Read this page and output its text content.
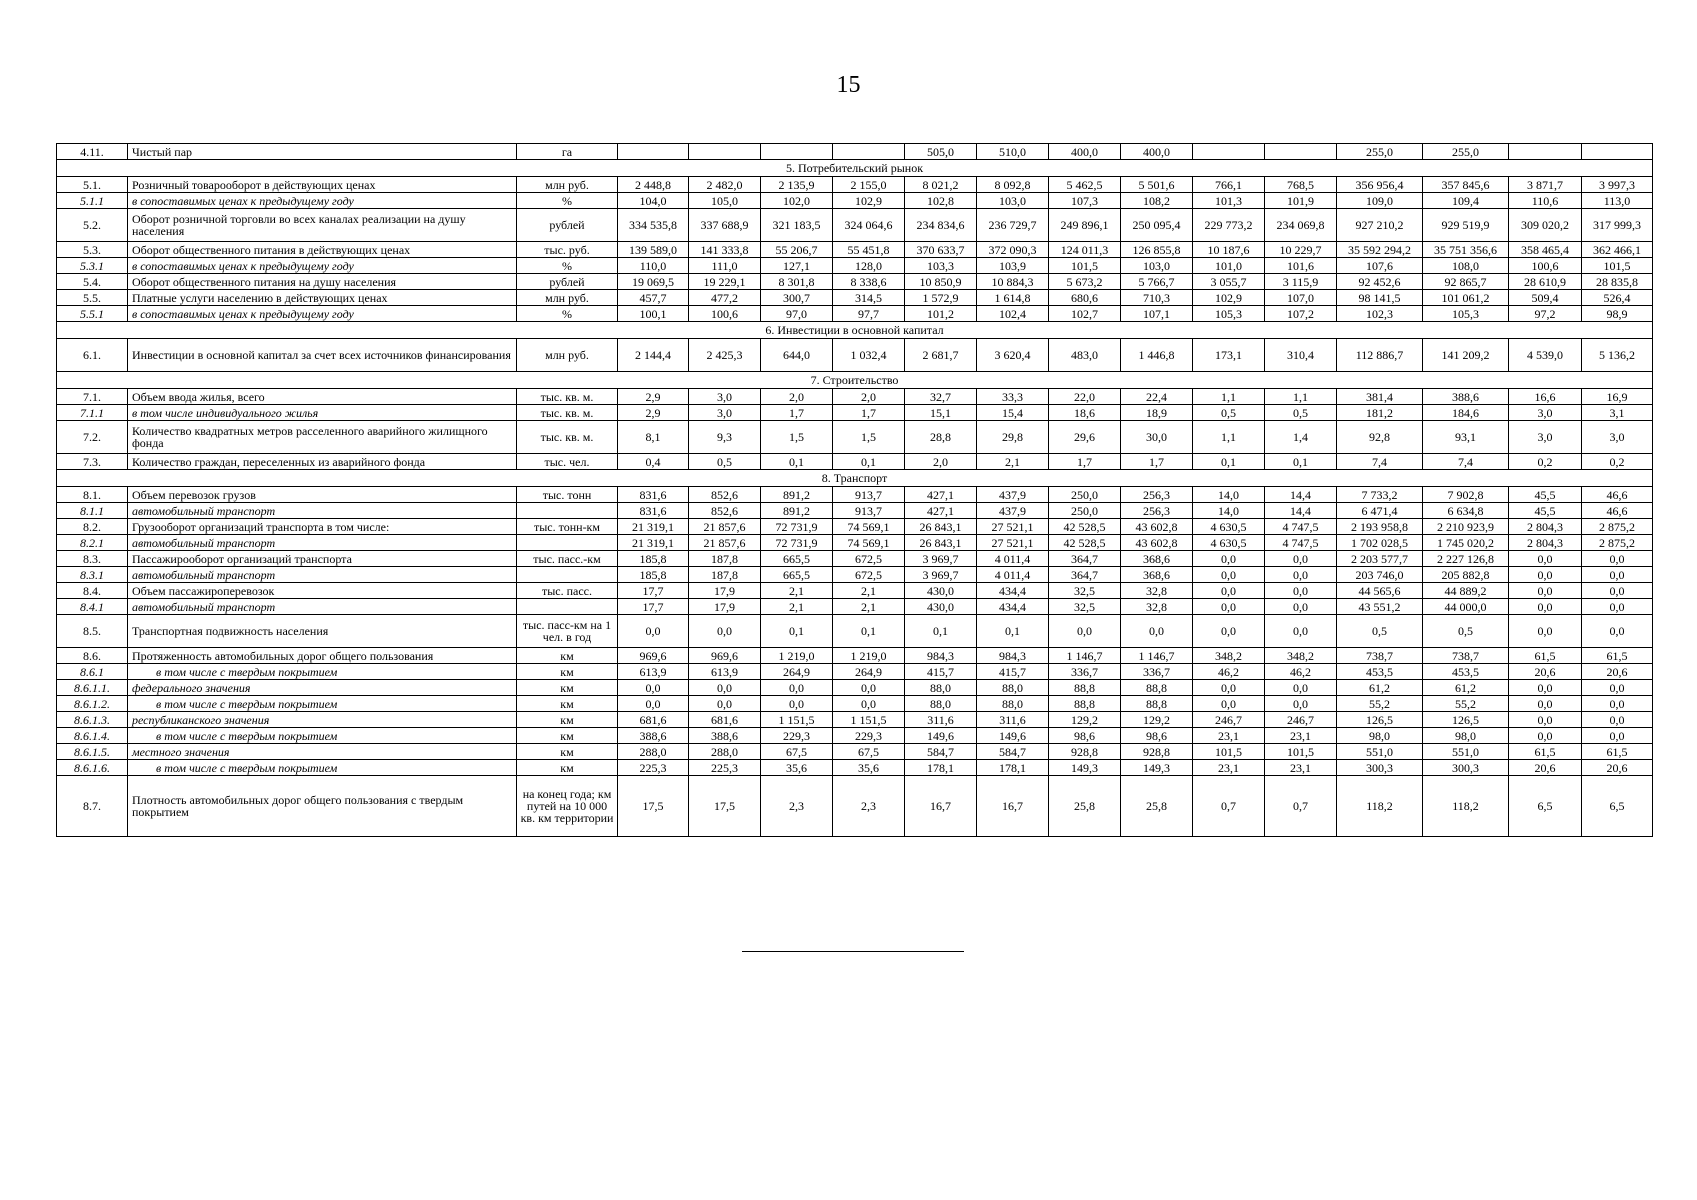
15
4.11.	Чистый пар	га					505,0	510,0	400,0	400,0			255,0	255,0		
5. Потребительский рынок																
5.1.	Розничный товарооборот в действующих ценах	млн руб.	2 448,8	2 482,0	2 135,9	2 155,0	8 021,2	8 092,8	5 462,5	5 501,6	766,1	768,5	356 956,4	357 845,6	3 871,7	3 997,3
5.1.1	в сопоставимых ценах к предыдущему году	%	104,0	105,0	102,0	102,9	102,8	103,0	107,3	108,2	101,3	101,9	109,0	109,4	110,6	113,0
5.2.	Оборот розничной торговли во всех каналах реализации на душу населения	рублей	334 535,8	337 688,9	321 183,5	324 064,6	234 834,6	236 729,7	249 896,1	250 095,4	229 773,2	234 069,8	927 210,2	929 519,9	309 020,2	317 999,3
5.3.	Оборот общественного питания в действующих ценах	тыс. руб.	139 589,0	141 333,8	55 206,7	55 451,8	370 633,7	372 090,3	124 011,3	126 855,8	10 187,6	10 229,7	35 592 294,2	35 751 356,6	358 465,4	362 466,1
5.3.1	в сопоставимых ценах к предыдущему году	%	110,0	111,0	127,1	128,0	103,3	103,9	101,5	103,0	101,0	101,6	107,6	108,0	100,6	101,5
5.4.	Оборот общественного питания на душу населения	рублей	19 069,5	19 229,1	8 301,8	8 338,6	10 850,9	10 884,3	5 673,2	5 766,7	3 055,7	3 115,9	92 452,6	92 865,7	28 610,9	28 835,8
5.5.	Платные услуги населению в действующих ценах	млн руб.	457,7	477,2	300,7	314,5	1 572,9	1 614,8	680,6	710,3	102,9	107,0	98 141,5	101 061,2	509,4	526,4
5.5.1	в сопоставимых ценах к предыдущему году	%	100,1	100,6	97,0	97,7	101,2	102,4	102,7	107,1	105,3	107,2	102,3	105,3	97,2	98,9
6. Инвестиции в основной капитал																
6.1.	Инвестиции в основной капитал за счет всех источников финансирования	млн руб.	2 144,4	2 425,3	644,0	1 032,4	2 681,7	3 620,4	483,0	1 446,8	173,1	310,4	112 886,7	141 209,2	4 539,0	5 136,2
7. Строительство																
7.1.	Объем ввода жилья, всего	тыс. кв. м.	2,9	3,0	2,0	2,0	32,7	33,3	22,0	22,4	1,1	1,1	381,4	388,6	16,6	16,9
7.1.1	в том числе индивидуального жилья	тыс. кв. м.	2,9	3,0	1,7	1,7	15,1	15,4	18,6	18,9	0,5	0,5	181,2	184,6	3,0	3,1
7.2.	Количество квадратных метров расселенного аварийного жилищного фонда	тыс. кв. м.	8,1	9,3	1,5	1,5	28,8	29,8	29,6	30,0	1,1	1,4	92,8	93,1	3,0	3,0
7.3.	Количество граждан, переселенных из аварийного фонда	тыс. чел.	0,4	0,5	0,1	0,1	2,0	2,1	1,7	1,7	0,1	0,1	7,4	7,4	0,2	0,2
8. Транспорт																
8.1.	Объем перевозок грузов	тыс. тонн	831,6	852,6	891,2	913,7	427,1	437,9	250,0	256,3	14,0	14,4	7 733,2	7 902,8	45,5	46,6
8.1.1	автомобильный транспорт		831,6	852,6	891,2	913,7	427,1	437,9	250,0	256,3	14,0	14,4	6 471,4	6 634,8	45,5	46,6
8.2.	Грузооборот организаций транспорта в том числе:	тыс. тонн-км	21 319,1	21 857,6	72 731,9	74 569,1	26 843,1	27 521,1	42 528,5	43 602,8	4 630,5	4 747,5	2 193 958,8	2 210 923,9	2 804,3	2 875,2
8.2.1	автомобильный транспорт		21 319,1	21 857,6	72 731,9	74 569,1	26 843,1	27 521,1	42 528,5	43 602,8	4 630,5	4 747,5	1 702 028,5	1 745 020,2	2 804,3	2 875,2
8.3.	Пассажирооборот организаций транспорта	тыс. пасс.-км	185,8	187,8	665,5	672,5	3 969,7	4 011,4	364,7	368,6	0,0	0,0	2 203 577,7	2 227 126,8	0,0	0,0
8.3.1	автомобильный транспорт		185,8	187,8	665,5	672,5	3 969,7	4 011,4	364,7	368,6	0,0	0,0	203 746,0	205 882,8	0,0	0,0
8.4.	Объем пассажироперевозок	тыс. пасс.	17,7	17,9	2,1	2,1	430,0	434,4	32,5	32,8	0,0	0,0	44 565,6	44 889,2	0,0	0,0
8.4.1	автомобильный транспорт		17,7	17,9	2,1	2,1	430,0	434,4	32,5	32,8	0,0	0,0	43 551,2	44 000,0	0,0	0,0
8.5.	Транспортная подвижность населения	тыс. пасс-км на 1 чел. в год	0,0	0,0	0,1	0,1	0,1	0,1	0,0	0,0	0,0	0,0	0,5	0,5	0,0	0,0
8.6.	Протяженность автомобильных дорог общего пользования	км	969,6	969,6	1 219,0	1 219,0	984,3	984,3	1 146,7	1 146,7	348,2	348,2	738,7	738,7	61,5	61,5
8.6.1	в том числе с твердым покрытием	км	613,9	613,9	264,9	264,9	415,7	415,7	336,7	336,7	46,2	46,2	453,5	453,5	20,6	20,6
8.6.1.1.	федерального значения	км	0,0	0,0	0,0	0,0	88,0	88,0	88,8	88,8	0,0	0,0	61,2	61,2	0,0	0,0
8.6.1.2.	в том числе с твердым покрытием	км	0,0	0,0	0,0	0,0	88,0	88,0	88,8	88,8	0,0	0,0	55,2	55,2	0,0	0,0
8.6.1.3.	республиканского значения	км	681,6	681,6	1 151,5	1 151,5	311,6	311,6	129,2	129,2	246,7	246,7	126,5	126,5	0,0	0,0
8.6.1.4.	в том числе с твердым покрытием	км	388,6	388,6	229,3	229,3	149,6	149,6	98,6	98,6	23,1	23,1	98,0	98,0	0,0	0,0
8.6.1.5.	местного значения	км	288,0	288,0	67,5	67,5	584,7	584,7	928,8	928,8	101,5	101,5	551,0	551,0	61,5	61,5
8.6.1.6.	в том числе с твердым покрытием	км	225,3	225,3	35,6	35,6	178,1	178,1	149,3	149,3	23,1	23,1	300,3	300,3	20,6	20,6
8.7.	Плотность автомобильных дорог общего пользования с твердым покрытием	на конец года; км путей на 10 000 кв. км территории	17,5	17,5	2,3	2,3	16,7	16,7	25,8	25,8	0,7	0,7	118,2	118,2	6,5	6,5
